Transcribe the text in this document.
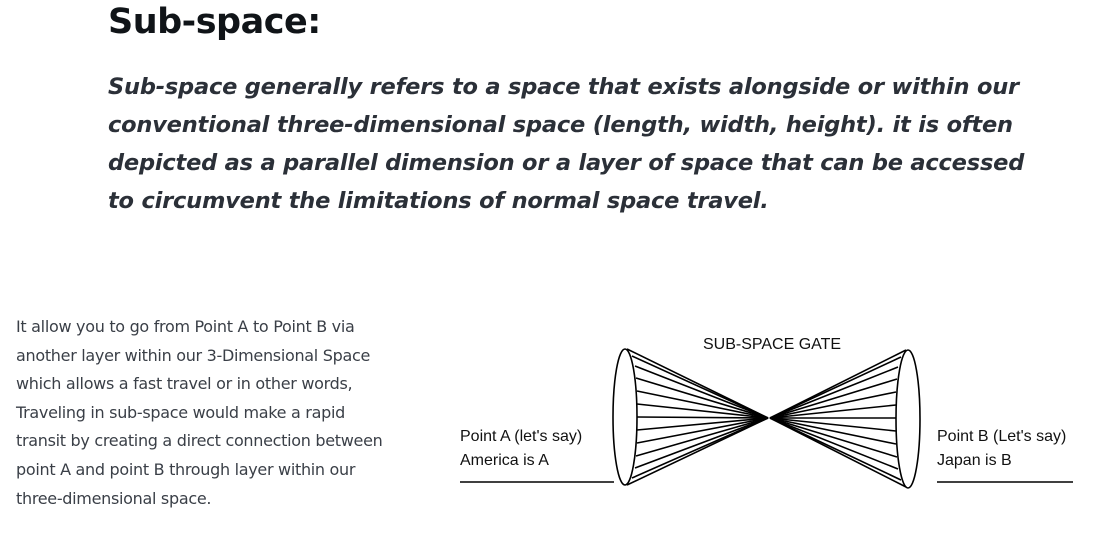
Sub-space:
Sub-space generally refers to a space that exists alongside or within our
conventional three-dimensional space (length, width, height). it is often
depicted as a parallel dimension or a layer of space that can be accessed
to circumvent the limitations of normal space travel.
It allow you to go from Point A to Point B via
another layer within our 3-Dimensional Space
which allows a fast travel or in other words,
Traveling in sub-space would make a rapid
transit by creating a direct connection between
point A and point B through layer within our
three-dimensional space.
SUB-SPACE GATE
Point A (let's say)
America is A
Point B (Let's say)
Japan is B
